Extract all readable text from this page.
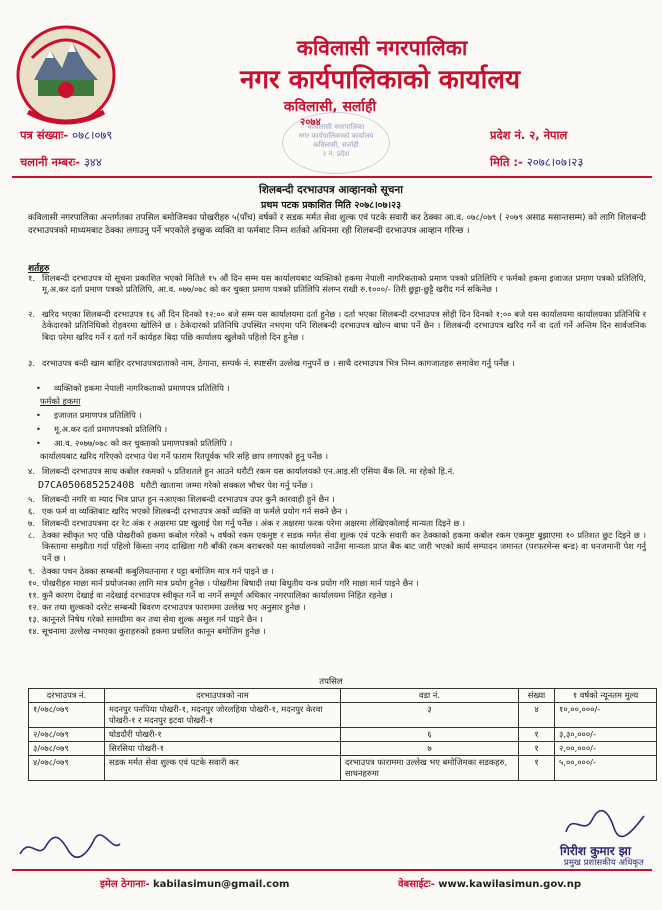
कविलासी नगरपालिका
नगर कार्यपालिकाको कार्यालय
कविलासी, सर्लाही
कविलासी नगरपालिका
नगर कार्यपालिकाको कार्यालय
कविलासी, सर्लाही
२ नं. प्रदेश
२०७४
पत्र संख्याः- ०७८।०७९	प्रदेश नं. २, नेपाल
चलानी नम्बरः- ३४४	मिति :- २०७८।०७।२३
शिलबन्दी दरभाउपत्र आव्हानको सूचना
प्रथम पटक प्रकाशित मिति २०७८।०७।२३
कविलासी नगरपालिका अन्तर्गतका तपसिल बमोजिमका पोखरीहरु ५(पाँच) वर्षको र सडक मर्मत सेवा शुल्क एवं पटके सवारी कर ठेक्का आ.व. ०७८/०७९ ( २०७९ असाढ मसान्तसम्म) को लागि शिलबन्दी दरभाउपत्रको माध्यमबाट ठेक्का लगाउनु पर्ने भएकोले इच्छुक व्यक्ति वा फर्मबाट निम्न शर्तको अधिनमा रही शिलबन्दी दरभाउपत्र आव्हान गरिन्छ ।
शर्तहरु
१. शिलबन्दी दरभाउपत्र यो सूचना प्रकाशित भएको मितिले १५ औं दिन सम्म यस कार्यालयबाट व्यक्तिको हकमा नेपाली नागरिकताको प्रमाण पत्रको प्रतिलिपि र फर्मको हकमा इजाजत प्रमाण पत्रको प्रतिलिपि, मू.अ.कर दर्ता प्रमाण पत्रको प्रतिलिपि, आ.व. ०७७/०७८ को कर चुक्ता प्रमाण पत्रको प्रतिलिपि संलग्न राखी रु.१०००/- तिरी छुट्टा-छुट्टै खरीद गर्न सकिनेछ ।
२. खरिद भएका शिलबन्दी दरभाउपत्र १६ औं दिन दिनको १२:०० बजे सम्म यस कार्यालयमा दर्ता हुनेछ । दर्ता भएका शिलबन्दी दरभाउपत्र सोही दिन दिनको १:०० बजे यस कार्यालयमा कार्यालयका प्रतिनिधि र ठेकेदारको प्रतिनिधिको रोहवरमा खोलिने छ । ठेकेदारको प्रतिनिधि उपस्थित नभएमा पनि शिलबन्दी दरभाउपत्र खोल्न बाधा पर्ने छैन । शिलबन्दी दरभाउपत्र खरिद गर्ने वा दर्ता गर्ने अन्तिम दिन सार्वजनिक बिदा परेमा खरिद गर्ने र दर्ता गर्ने कार्यहरु बिदा पछि कार्यालय खुलेको पहिलो दिन हुनेछ ।
३. दरभाउपत्र बन्दी खाम बाहिर दरभाउपत्रदाताको नाम, ठेगाना, सम्पर्क नं. स्पष्टसँग उल्लेख गनुपर्ने छ । साथै दरभाउपत्र भित्र निम्न कागजातहरु समावेश गर्नु पर्नेछ ।
• व्यक्तिको हकमा नेपाली नागरिकताको प्रमाणपत्र प्रतिलिपि ।
फर्मको हकमा
• इजाजत प्रमाणपत्र प्रतिलिपि ।
• मू.अ.कर दर्ता प्रमाणपत्रको प्रतिलिपि ।
• आ.व. २०७७/०७८ को कर चुक्ताको प्रमाणपत्रको प्रतिलिपि ।
कार्यालयबाट खरिद गरिएको दरभाउ पेश गर्ने फाराम रितपूर्वक भरि सहि छाप लगाएको हुनु पर्नेछ ।
४. शिलबन्दी दरभाउपत्र साथ कबोल रकमको ५ प्रतिशतले हुन आउने धरौटी रकम यस कार्यालयको एन.आइ.सी एसिया बैंक लि. मा रहेको हि.नं.
D7CA050685252408 धरौटी खातामा जम्मा गरेको सक्कल भौचर पेश गर्नु पर्नेछ ।
५. शिलबन्दी नगरि वा म्याद भित्र प्राप्त हुन नआएका शिलबन्दी दरभाउपत्र उपर कुनै कारवाही हुने छैन ।
६. एक फर्म वा व्यक्तिबाट खरिद भएको शिलबन्दी दरभाउपत्र अर्को व्यक्ति वा फर्मले प्रयोग गर्न सक्ने छैन ।
७. शिलबन्दी दरभाउपत्रमा दर रेट अंक र अक्षरमा प्रष्ट खुलाई पेश गर्नु पर्नेछ । अंक र अक्षरमा फरक परेमा अक्षरमा लेखिएकोलाई मान्यता दिइने छ ।
८. ठेक्का स्वीकृत भए पछि पोखरीको हकमा कबोल गरेको ५ वर्षको रकम एकमुष्ट र सडक मर्मत सेवा शुल्क एवं पटके सवारी कर ठेक्काको हकमा कबोल रकम एकमुष्ट बुझाएमा १० प्रतिशत छुट दिइने छ । किस्तामा सम्झौता गर्दा पहिलो किस्ता नगद दाखिला गरी बाँकी रकम बराबरको यस कार्यालयको नाउँमा मान्यता प्राप्त बैंक बाट जारी भएको कार्य सम्पादन जमानत (परफरमेन्स बन्ड) वा धनजमानी पेश गर्नु पर्ने छ ।
९. ठेक्का पचन ठेक्का सम्बन्धी कबुलियतनामा र पट्टा बमोजिम मात्र गर्न पाइने छ ।
१०. पोखरीहरु माछा मार्न प्रयोजनका लागि मात्र प्रयोग हुनेछ । पोखरीमा बिषादी तथा बिधुतीय यन्त्र प्रयोग गरि माछा मार्न पाइने छैन ।
११. कुनै कारण देखाई वा नदेखाई दरभाउपत्र स्वीकृत गर्ने वा नगर्ने सम्पूर्ण अधिकार नगरपालिका कार्यालयमा निहित रहनेछ ।
१२. कर तथा शुल्कको दररेट सम्बन्धी बिवरण दरभाउपत्र फाराममा उल्लेख भए अनुसार हुनेछ ।
१३. कानूनले निषेध गरेको सामग्रीमा कर तथा सेवा शुल्क असुल गर्न पाइने छैन ।
१४. सूचनामा उल्लेख नभएका कुराहरुको हकमा प्रचलित कानून बमोजिम हुनेछ ।
तपसिल
दरभाउपत्र नं.	दरभाउपत्रको नाम	वडा नं.	संख्या	१ वर्षको न्यूनतम मुल्य
१/०७८/०७९	मदनपुर पनपिया पोखरी-१, मदनपुर जोरलहिया पोखरी-१, मदनपुर केरवा पोखरी-१ र मदनपुर इटवा पोखरी-१	३	४	१०,००,०००/-
२/०७८/०७९	घोडदौरी पोखरी-१	६	१	३,३०,०००/-
३/०७८/०७९	सिरसिया पोखरी-१	७	१	२,००,०००/-
४/०७८/०७९	सडक मर्मत सेवा शुल्क एवं पटके सवारी कर	दरभाउपत्र फाराममा उल्लेख भए बमोजिमका सडकहरु, साधनहरुमा	१	५,००,०००/-
गिरीश कुमार झा
प्रमुख प्रशासकीय अधिकृत
इमेल ठेगानाः- kabilasimun@gmail.com	वेबसाईटः- www.kawilasimun.gov.np
